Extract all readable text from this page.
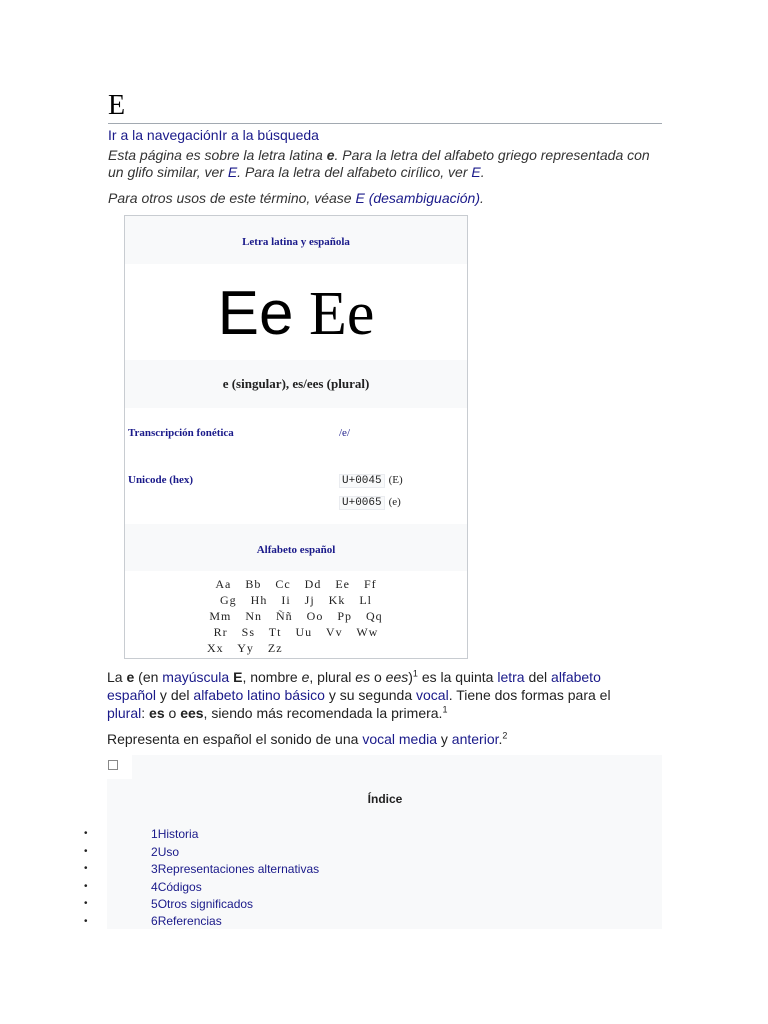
E
Ir a la navegaciónIr a la búsqueda
Esta página es sobre la letra latina e. Para la letra del alfabeto griego representada con un glifo similar, ver Ε. Para la letra del alfabeto cirílico, ver Е.
Para otros usos de este término, véase E (desambiguación).
Letra latina y española
Ee Ee
e (singular), es/ees (plural)
Transcripción fonética	/e/
Unicode (hex)	U+0045 (E)
U+0065 (e)
Alfabeto español
Aa Bb Cc Dd Ee Ff
Gg Hh Ii Jj Kk Ll
Mm Nn Ññ Oo Pp Qq
Rr Ss Tt Uu Vv Ww
Xx Yy Zz
La e (en mayúscula E, nombre e, plural es o ees)$^1$ es la quinta letra del alfabeto español y del alfabeto latino básico y su segunda vocal. Tiene dos formas para el plural: es o ees, siendo más recomendada la primera.$^1$
Representa en español el sonido de una vocal media y anterior.$^2$
Índice
•	1Historia
•	2Uso
•	3Representaciones alternativas
•	4Códigos
•	5Otros significados
•	6Referencias
